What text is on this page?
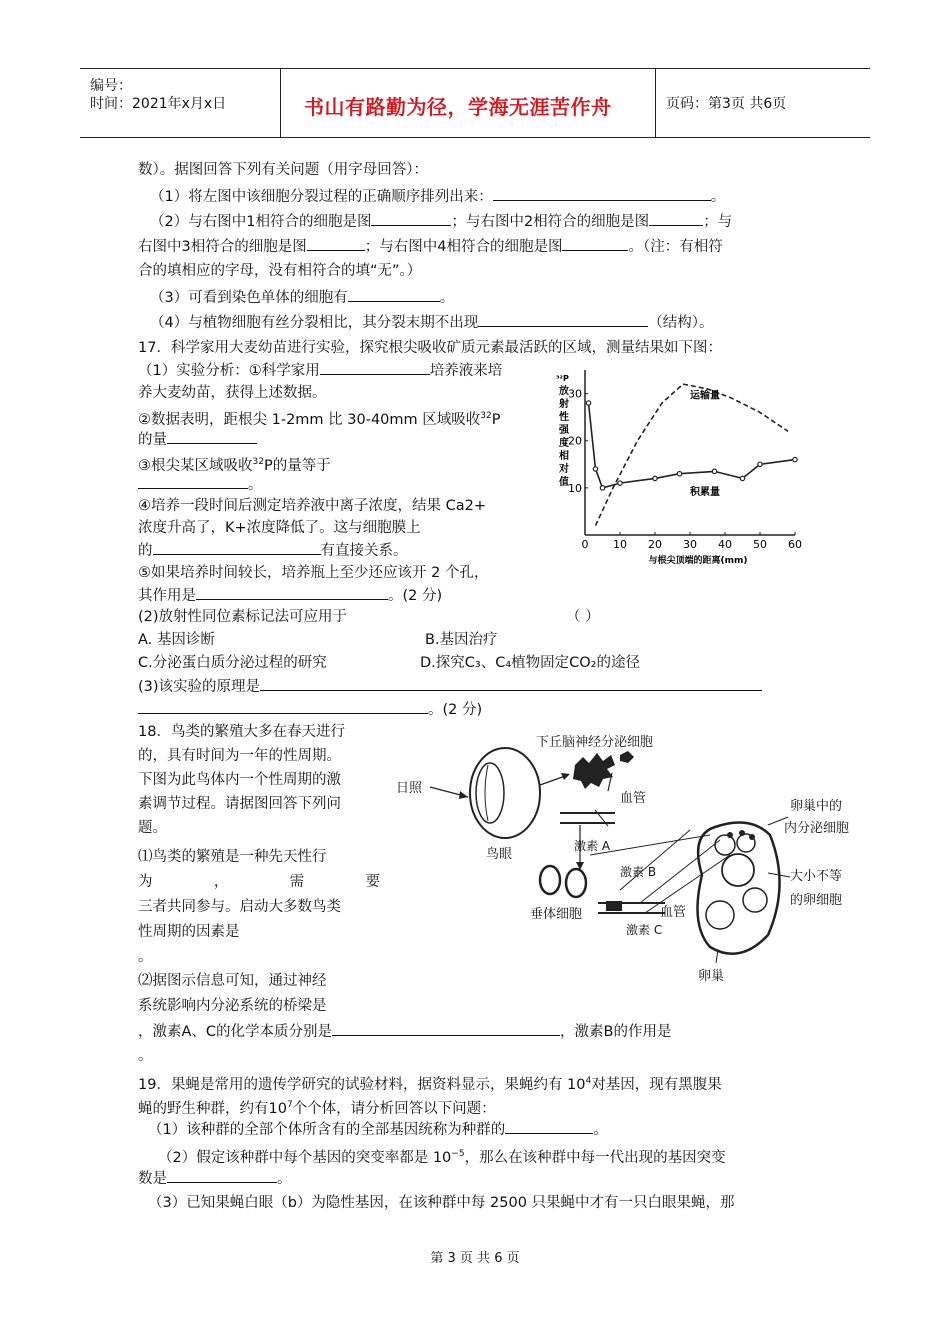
编号：
时间：2021年x月x日	书山有路勤为径，学海无涯苦作舟	页码：第3页 共6页
数）。据图回答下列有关问题（用字母回答）：
（1）将左图中该细胞分裂过程的正确顺序排列出来：	。
（2）与右图中1相符合的细胞是图	；与右图中2相符合的细胞是图	；与
右图中3相符合的细胞是图	；与右图中4相符合的细胞是图	。（注：有相符
合的填相应的字母，没有相符合的填“无”。）
（3）可看到染色单体的细胞有	。
（4）与植物细胞有丝分裂相比，其分裂末期不出现	（结构）。
17．科学家用大麦幼苗进行实验，探究根尖吸收矿质元素最活跃的区域，测量结果如下图：
（1）实验分析：①科学家用	培养液来培
养大麦幼苗，获得上述数据。
②数据表明，距根尖 1-2mm 比 30-40mm 区域吸收$^{32}$P
的量
③根尖某区域吸收$^{32}$P的量等于
。
④培养一段时间后测定培养液中离子浓度，结果 Ca2+
浓度升高了，K+浓度降低了。这与细胞膜上
的	有直接关系。
⑤如果培养时间较长，培养瓶上至少还应该开 2 个孔，
其作用是	。(2 分)
(2)放射性同位素标记法可应用于	（ ）
A. 基因诊断	B.基因治疗
C.分泌蛋白质分泌过程的研究	D.探究C₃、C₄植物固定CO₂的途径
(3)该实验的原理是
。(2 分)
0 10 20 30 40 50 60
30
20
10
³²P
放
射
性
强
度
相
对
值
与根尖顶端的距离(mm)
运输量
积累量
18．鸟类的繁殖大多在春天进行
的，具有时间为一年的性周期。
下图为此鸟体内一个性周期的激
素调节过程。请据图回答下列问
题。
⑴鸟类的繁殖是一种先天性行
为	，	需	要
三者共同参与。启动大多数鸟类
性周期的因素是
。
⑵据图示信息可知，通过神经
系统影响内分泌系统的桥梁是
，激素A、C的化学本质分别是	，激素B的作用是
。
日照
下丘脑神经分泌细胞
血管
鸟眼
激素 A
激素 B
垂体细胞	血管
激素 C
卵巢中的
内分泌细胞
大小不等
的卵细胞
卵巢
19．果蝇是常用的遗传学研究的试验材料，据资料显示，果蝇约有 $10^4$对基因，现有黑腹果
蝇的野生种群，约有$10^7$个个体，请分析回答以下问题：
（1）该种群的全部个体所含有的全部基因统称为种群的	。
（2）假定该种群中每个基因的突变率都是 $10^{-5}$，那么在该种群中每一代出现的基因突变
数是	。
（3）已知果蝇白眼（b）为隐性基因，在该种群中每 2500 只果蝇中才有一只白眼果蝇，那
第 3 页 共 6 页
